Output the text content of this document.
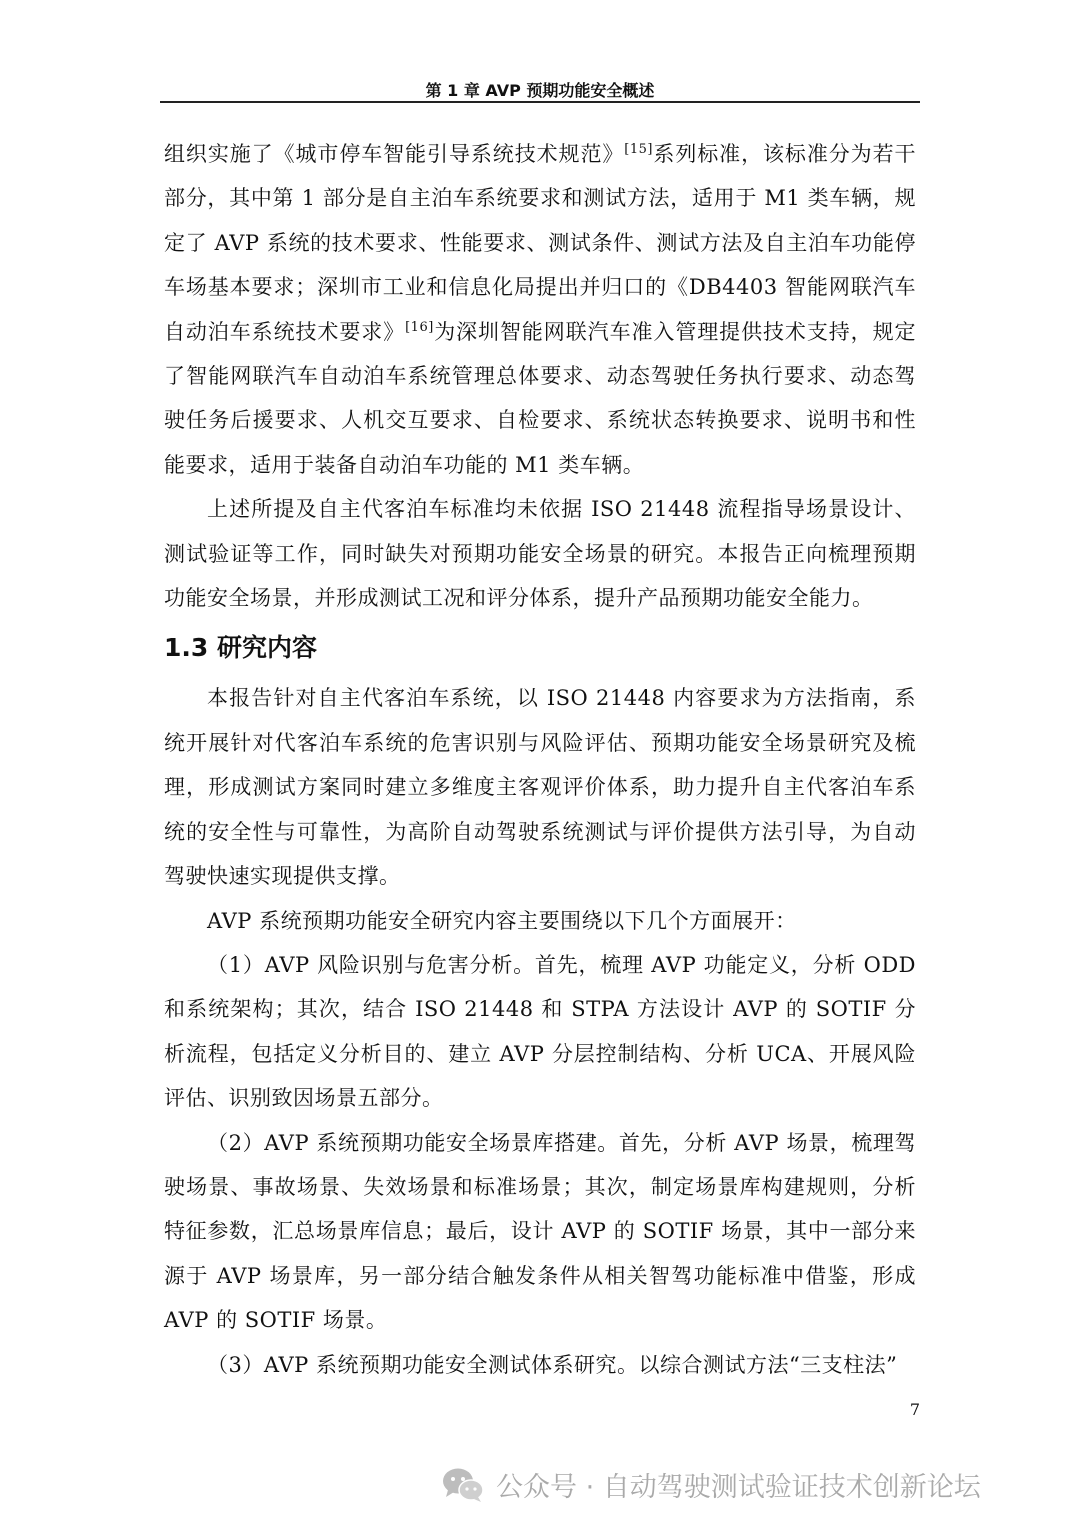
第 1 章 AVP 预期功能安全概述

组织实施了《城市停车智能引导系统技术规范》[15]系列标准，该标准分为若干部分，其中第 1 部分是自主泊车系统要求和测试方法，适用于 M1 类车辆，规定了 AVP 系统的技术要求、性能要求、测试条件、测试方法及自主泊车功能停车场基本要求；深圳市工业和信息化局提出并归口的《DB4403 智能网联汽车自动泊车系统技术要求》[16]为深圳智能网联汽车准入管理提供技术支持，规定了智能网联汽车自动泊车系统管理总体要求、动态驾驶任务执行要求、动态驾驶任务后援要求、人机交互要求、自检要求、系统状态转换要求、说明书和性能要求，适用于装备自动泊车功能的 M1 类车辆。

上述所提及自主代客泊车标准均未依据 ISO 21448 流程指导场景设计、测试验证等工作，同时缺失对预期功能安全场景的研究。本报告正向梳理预期功能安全场景，并形成测试工况和评分体系，提升产品预期功能安全能力。

1.3 研究内容

本报告针对自主代客泊车系统，以 ISO 21448 内容要求为方法指南，系统开展针对代客泊车系统的危害识别与风险评估、预期功能安全场景研究及梳理，形成测试方案同时建立多维度主客观评价体系，助力提升自主代客泊车系统的安全性与可靠性，为高阶自动驾驶系统测试与评价提供方法引导，为自动驾驶快速实现提供支撑。

AVP 系统预期功能安全研究内容主要围绕以下几个方面展开：

（1）AVP 风险识别与危害分析。首先，梳理 AVP 功能定义，分析 ODD 和系统架构；其次，结合 ISO 21448 和 STPA 方法设计 AVP 的 SOTIF 分析流程，包括定义分析目的、建立 AVP 分层控制结构、分析 UCA、开展风险评估、识别致因场景五部分。

（2）AVP 系统预期功能安全场景库搭建。首先，分析 AVP 场景，梳理驾驶场景、事故场景、失效场景和标准场景；其次，制定场景库构建规则，分析特征参数，汇总场景库信息；最后，设计 AVP 的 SOTIF 场景，其中一部分来源于 AVP 场景库，另一部分结合触发条件从相关智驾功能标准中借鉴，形成 AVP 的 SOTIF 场景。

（3）AVP 系统预期功能安全测试体系研究。以综合测试方法“三支柱法”

7
公众号 · 自动驾驶测试验证技术创新论坛
